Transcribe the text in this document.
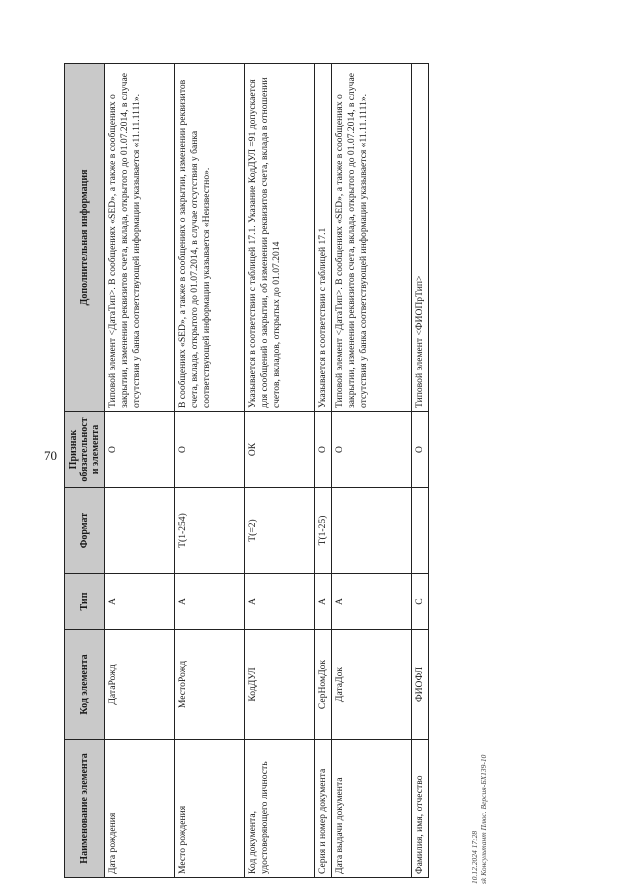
70
Наименование элемента	Код элемента	Тип	Формат	Признак обязательност и элемента	Дополнительная информация
Дата рождения	ДатаРожд	А		О	Типовой элемент <ДатаТип>. В сообщениях «SED», а также в сообщениях о закрытии, изменении реквизитов счета, вклада, открытого до 01.07.2014, в случае отсутствия у банка соответствующей информации указывается «11.11.1111».
Место рождения	МестоРожд	А	T(1-254)	О	В сообщениях «SED», а также в сообщениях о закрытии, изменении реквизитов счета, вклада, открытого до 01.07.2014, в случае отсутствия у банка соответствующей информации указывается «Неизвестно».
Код документа, удостоверяющего личность	КодДУЛ	А	T(=2)	ОК	Указывается в соответствии с таблицей 17.1. Указание КодДУЛ =91 допускается для сообщений о закрытии, об изменении реквизитов счета, вклада в отношении счетов, вкладов, открытых до 01.07.2014
Серия и номер документа	СерНомДок	А	T(1-25)	О	Указывается в соответствии с таблицей 17.1
Дата выдачи документа	ДатаДок	А		О	Типовой элемент <ДатаТип>. В сообщениях «SED», а также в сообщениях о закрытии, изменении реквизитов счета, вклада, открытого до 01.07.2014, в случае отсутствия у банка соответствующей информации указывается «11.11.1111».
Фамилия, имя, отчество	ФИОФЛ	С		О	Типовой элемент <ФИОПрТип>
10.12.2024 17:28 sk Консультант Плюс. Версия-БХ139-10
